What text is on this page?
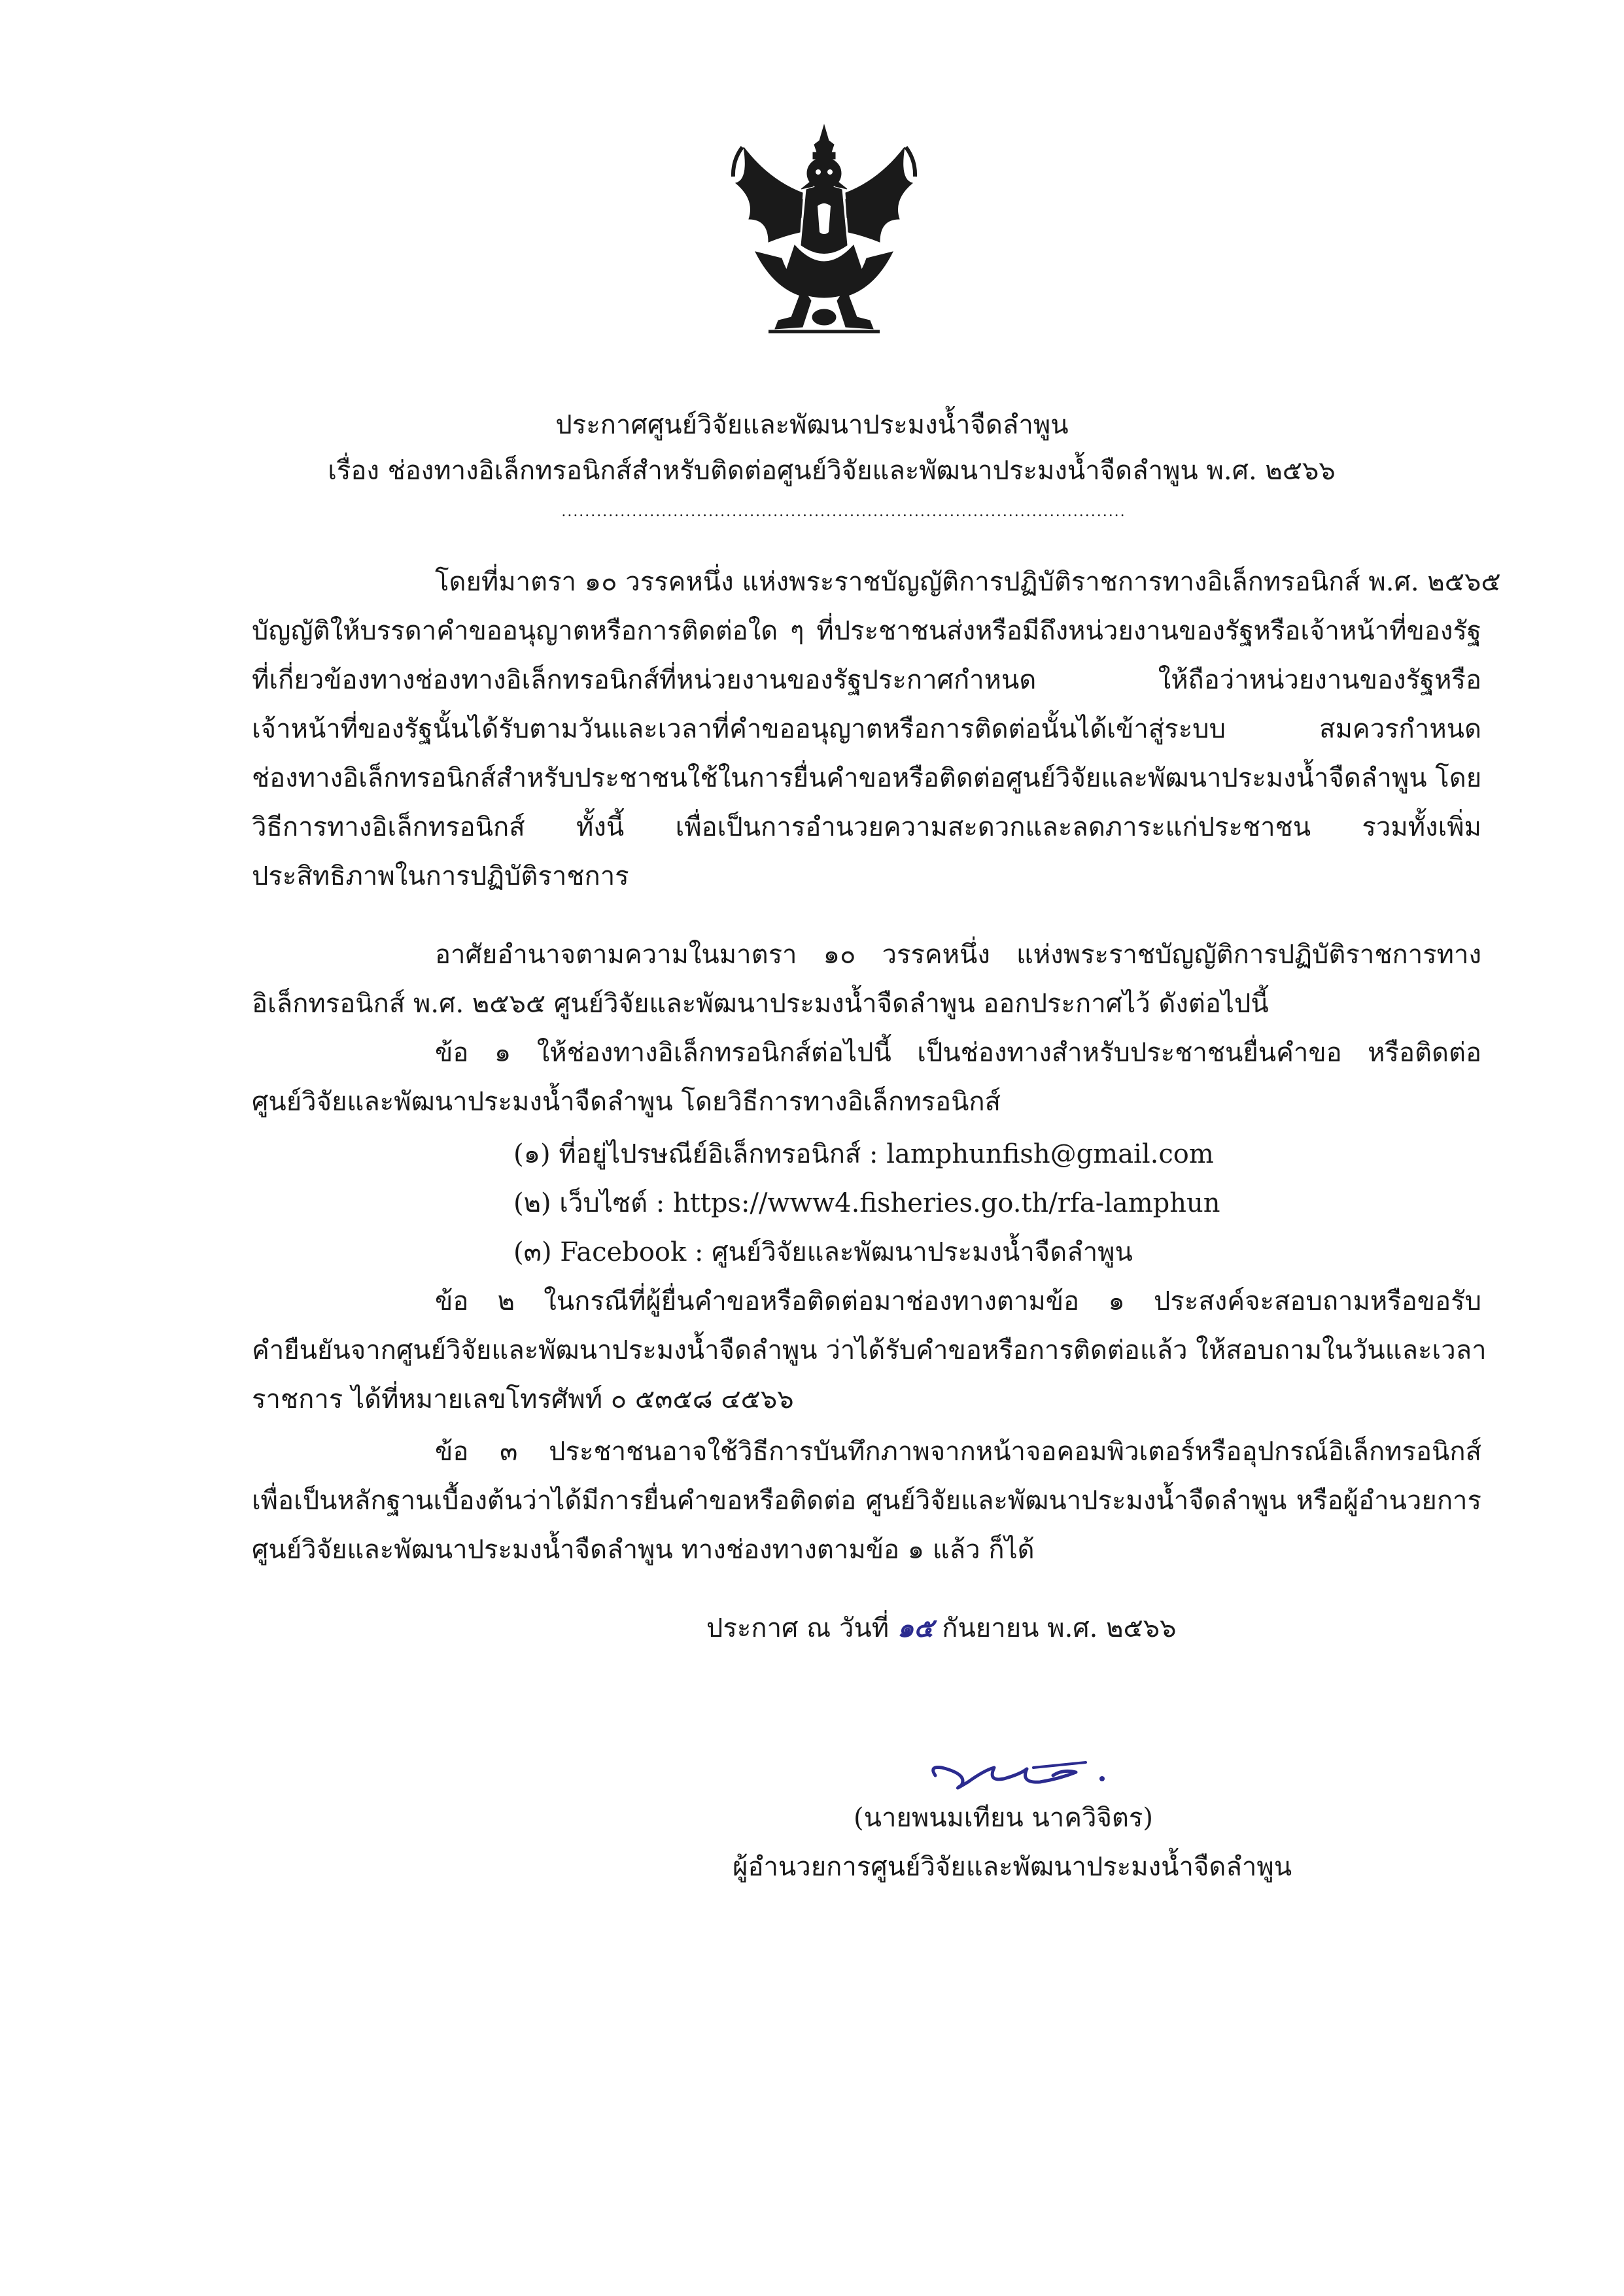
ประกาศศูนย์วิจัยและพัฒนาประมงน้ำจืดลำพูน
เรื่อง ช่องทางอิเล็กทรอนิกส์สำหรับติดต่อศูนย์วิจัยและพัฒนาประมงน้ำจืดลำพูน พ.ศ. ๒๕๖๖
................................................................................................
โดยที่มาตรา ๑๐ วรรคหนึ่ง แห่งพระราชบัญญัติการปฏิบัติราชการทางอิเล็กทรอนิกส์ พ.ศ. ๒๕๖๕
บัญญัติให้บรรดาคำขออนุญาตหรือการติดต่อใด ๆ ที่ประชาชนส่งหรือมีถึงหน่วยงานของรัฐหรือเจ้าหน้าที่ของรัฐ
ที่เกี่ยวข้องทางช่องทางอิเล็กทรอนิกส์ที่หน่วยงานของรัฐประกาศกำหนด ให้ถือว่าหน่วยงานของรัฐหรือ
เจ้าหน้าที่ของรัฐนั้นได้รับตามวันและเวลาที่คำขออนุญาตหรือการติดต่อนั้นได้เข้าสู่ระบบ สมควรกำหนด
ช่องทางอิเล็กทรอนิกส์สำหรับประชาชนใช้ในการยื่นคำขอหรือติดต่อศูนย์วิจัยและพัฒนาประมงน้ำจืดลำพูน โดย
วิธีการทางอิเล็กทรอนิกส์ ทั้งนี้ เพื่อเป็นการอำนวยความสะดวกและลดภาระแก่ประชาชน รวมทั้งเพิ่ม
ประสิทธิภาพในการปฏิบัติราชการ
อาศัยอำนาจตามความในมาตรา ๑๐ วรรคหนึ่ง แห่งพระราชบัญญัติการปฏิบัติราชการทาง
อิเล็กทรอนิกส์ พ.ศ. ๒๕๖๕ ศูนย์วิจัยและพัฒนาประมงน้ำจืดลำพูน ออกประกาศไว้ ดังต่อไปนี้
ข้อ ๑ ให้ช่องทางอิเล็กทรอนิกส์ต่อไปนี้ เป็นช่องทางสำหรับประชาชนยื่นคำขอ หรือติดต่อ
ศูนย์วิจัยและพัฒนาประมงน้ำจืดลำพูน โดยวิธีการทางอิเล็กทรอนิกส์
(๑) ที่อยู่ไปรษณีย์อิเล็กทรอนิกส์ : lamphunfish@gmail.com
(๒) เว็บไซต์ : https://www4.fisheries.go.th/rfa-lamphun
(๓) Facebook : ศูนย์วิจัยและพัฒนาประมงน้ำจืดลำพูน
ข้อ ๒ ในกรณีที่ผู้ยื่นคำขอหรือติดต่อมาช่องทางตามข้อ ๑ ประสงค์จะสอบถามหรือขอรับ
คำยืนยันจากศูนย์วิจัยและพัฒนาประมงน้ำจืดลำพูน ว่าได้รับคำขอหรือการติดต่อแล้ว ให้สอบถามในวันและเวลา
ราชการ ได้ที่หมายเลขโทรศัพท์ ๐ ๕๓๕๘ ๔๕๖๖
ข้อ ๓ ประชาชนอาจใช้วิธีการบันทึกภาพจากหน้าจอคอมพิวเตอร์หรืออุปกรณ์อิเล็กทรอนิกส์
เพื่อเป็นหลักฐานเบื้องต้นว่าได้มีการยื่นคำขอหรือติดต่อ ศูนย์วิจัยและพัฒนาประมงน้ำจืดลำพูน หรือผู้อำนวยการ
ศูนย์วิจัยและพัฒนาประมงน้ำจืดลำพูน ทางช่องทางตามข้อ ๑ แล้ว ก็ได้
ประกาศ ณ วันที่ ๑๕ กันยายน พ.ศ. ๒๕๖๖
(นายพนมเทียน นาควิจิตร)
ผู้อำนวยการศูนย์วิจัยและพัฒนาประมงน้ำจืดลำพูน
